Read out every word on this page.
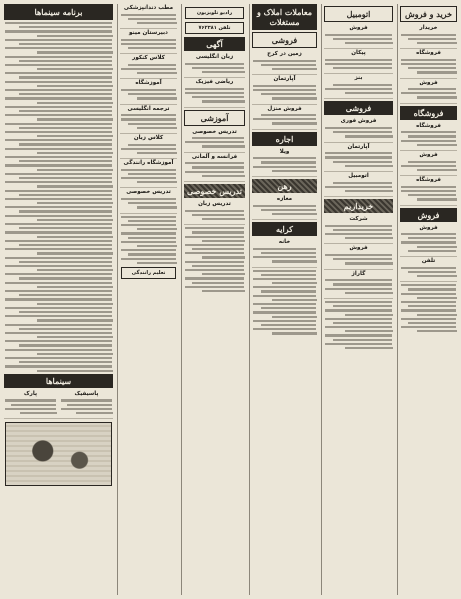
خرید و فروش
خریدار
فروشگاه
فروش
فروشگاه
فروشگاه
فروش
فروشگاه
فروش
فروش
تلفن
اتومبیل
فروش
پیکان
بنز
فروشی
فروش فوری
آپارتمان
اتومبیل
خریداریم
شرکت
فروش
گاراژ
معاملات املاک و مستغلات
فروشی
زمین در کرج
آپارتمان
فروش منزل
اجاره
ویلا
رهن
مغازه
کرایه
خانه
رادیو تلویزیون
تلفن ۷۶۲۳۸۱
آگهی
زبان انگلیسی
ریاضی فیزیک
آموزشی
تدریس خصوصی
فرانسه و آلمانی
تدریس خصوصی
تدریس زبان
مطب دندانپزشکی
دبیرستان مینو
کلاس کنکور
آموزشگاه
ترجمه انگلیسی
کلاس زبان
آموزشگاه رانندگی
تدریس خصوصی
تعلیم رانندگی
برنامه سینماها
سینماها
پاسیفیک
پارک
